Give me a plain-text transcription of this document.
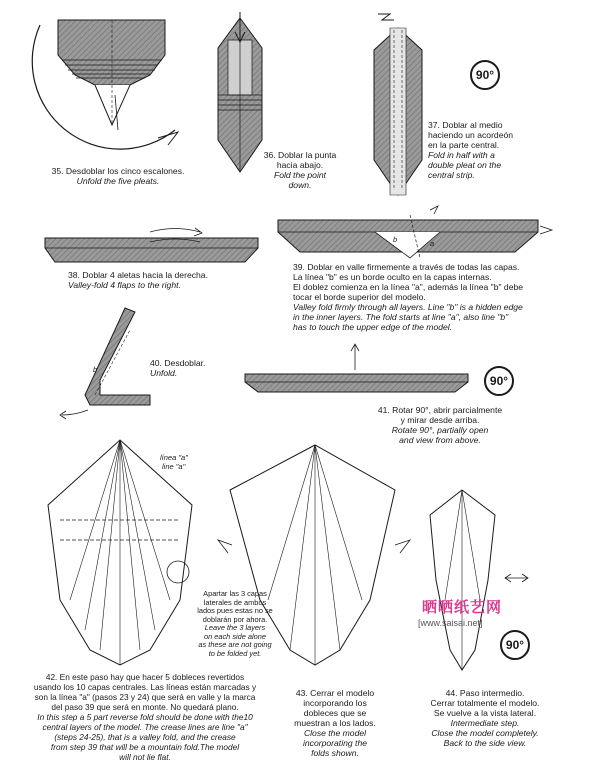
90°
90°
90°
línea "a"
line "a"
a
b
b
35. Desdoblar los cinco escalones.
Unfold the five pleats.
36. Doblar la punta
hacia abajo.
Fold the point
down.
37. Doblar al medio
haciendo un acordeón
en la parte central.
Fold in half with a
double pleat on the
central strip.
38. Doblar 4 aletas hacia la derecha.
Valley-fold 4 flaps to the right.
39. Doblar en valle firmemente a través de todas las capas.
La línea "b" es un borde oculto en la capas internas.
El doblez comienza en la línea "a", además la línea "b" debe
tocar el borde superior del modelo.
Valley fold firmly through all layers. Line "b" is a hidden edge
in the inner layers. The fold starts at line "a", also line "b"
has to touch the upper edge of the model.
40. Desdoblar.
Unfold.
41. Rotar 90°, abrir parcialmente
y mirar desde arriba.
Rotate 90°, partially open
and view from above.
Apartar las 3 capas
laterales de ambos
lados pues estas no se
doblarán por ahora.
Leave the 3 layers
on each side alone
as these are not going
to be folded yet.
42. En este paso hay que hacer 5 dobleces revertidos
usando los 10 capas centrales. Las líneas están marcadas y
son la línea "a" (pasos 23 y 24) que será en valle y la marca
del paso 39 que será en monte. No quedará plano.
In this step a 5 part reverse fold should be done with the10
central layers of the model. The crease lines are line "a"
(steps 24-25), that is a valley fold, and the crease
from step 39 that will be a mountain fold.The model
will not lie flat.
43. Cerrar el modelo
incorporando los
dobleces que se
muestran a los lados.
Close the model
incorporating the
folds shown.
44. Paso intermedio.
Cerrar totalmente el modelo.
Se vuelve a la vista lateral.
Intermediate step.
Close the model completely.
Back to the side view.
晒晒纸艺网
[www.saisai.net]
